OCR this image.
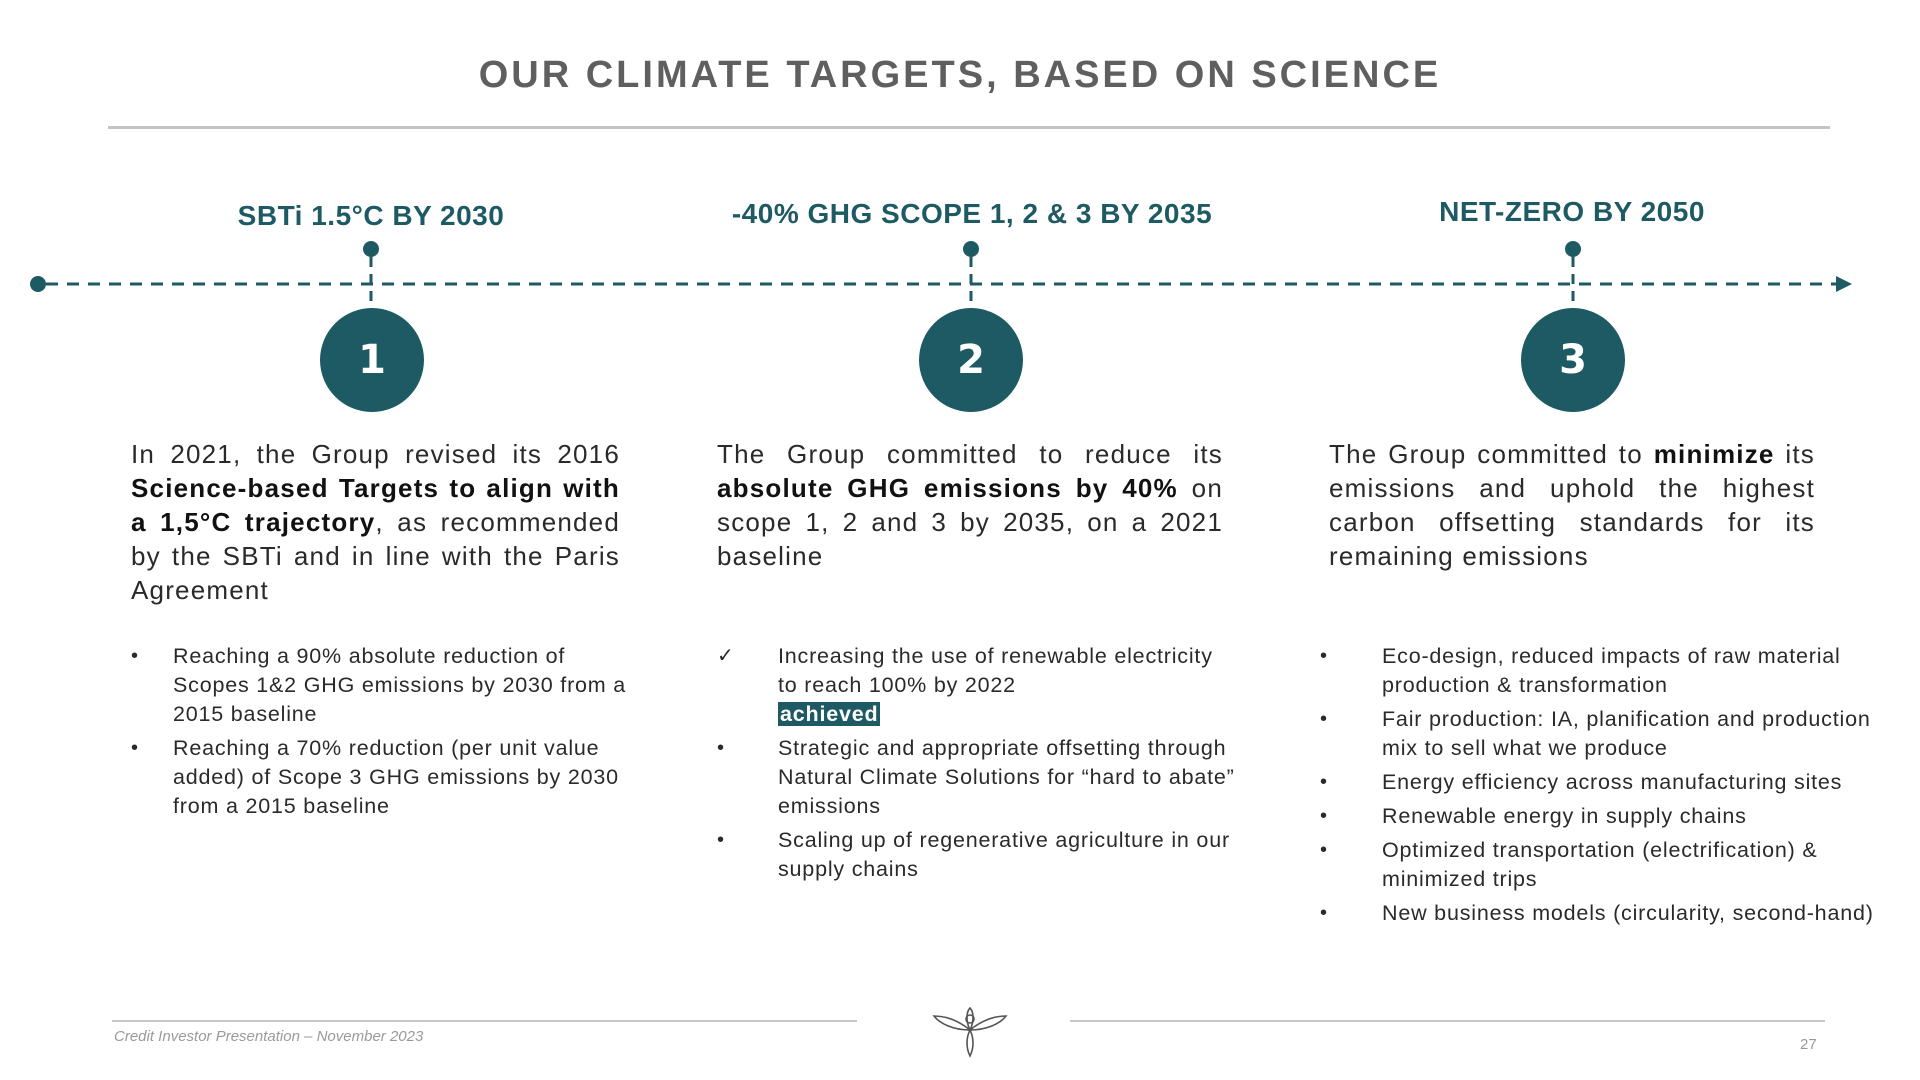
OUR CLIMATE TARGETS, BASED ON SCIENCE
SBTi 1.5°C BY 2030	-40% GHG SCOPE 1, 2 & 3 BY 2035	NET-ZERO BY 2050
1	2	3
In 2021, the Group revised its 2016 Science-based Targets to align with a 1,5°C trajectory, as recommended by the SBTi and in line with the Paris Agreement
The Group committed to reduce its absolute GHG emissions by 40% on scope 1, 2 and 3 by 2035, on a 2021 baseline
The Group committed to minimize its emissions and uphold the highest carbon offsetting standards for its remaining emissions
• Reaching a 90% absolute reduction of Scopes 1&2 GHG emissions by 2030 from a 2015 baseline
• Reaching a 70% reduction (per unit value added) of Scope 3 GHG emissions by 2030 from a 2015 baseline
✓ Increasing the use of renewable electricity to reach 100% by 2022
achieved
• Strategic and appropriate offsetting through Natural Climate Solutions for “hard to abate” emissions
• Scaling up of regenerative agriculture in our supply chains
•	Eco-design, reduced impacts of raw material production & transformation
•	Fair production: IA, planification and production mix to sell what we produce
•	Energy efficiency across manufacturing sites
•	Renewable energy in supply chains
•	Optimized transportation (electrification) & minimized trips
•	New business models (circularity, second-hand)
Credit Investor Presentation – November 2023	27
